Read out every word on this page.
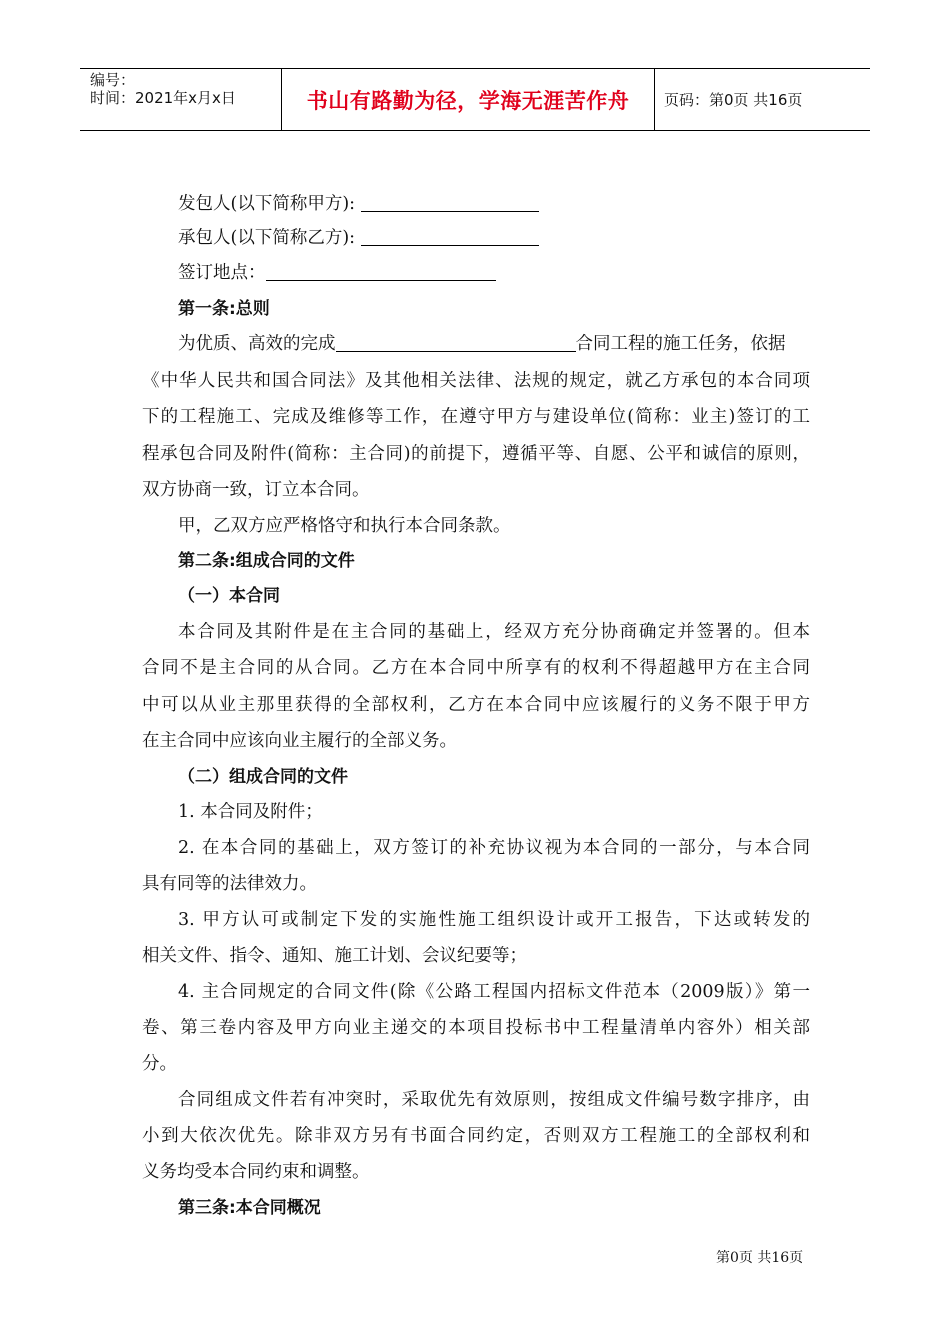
编号：
时间：2021年x月x日	书山有路勤为径，学海无涯苦作舟	页码：第0页 共16页
发包人(以下简称甲方):
承包人(以下简称乙方):
签订地点：
第一条:总则
为优质、高效的完成	合同工程的施工任务，依据
《中华人民共和国合同法》及其他相关法律、法规的规定，就乙方承包的本合同项
下的工程施工、完成及维修等工作，在遵守甲方与建设单位(简称：业主)签订的工
程承包合同及附件(简称：主合同)的前提下，遵循平等、自愿、公平和诚信的原则，
双方协商一致，订立本合同。
甲，乙双方应严格恪守和执行本合同条款。
第二条:组成合同的文件
（一）本合同
本合同及其附件是在主合同的基础上，经双方充分协商确定并签署的。但本
合同不是主合同的从合同。乙方在本合同中所享有的权利不得超越甲方在主合同
中可以从业主那里获得的全部权利，乙方在本合同中应该履行的义务不限于甲方
在主合同中应该向业主履行的全部义务。
（二）组成合同的文件
1. 本合同及附件；
2. 在本合同的基础上，双方签订的补充协议视为本合同的一部分，与本合同
具有同等的法律效力。
3. 甲方认可或制定下发的实施性施工组织设计或开工报告，下达或转发的
相关文件、指令、通知、施工计划、会议纪要等；
4. 主合同规定的合同文件(除《公路工程国内招标文件范本（2009版）》第一
卷、第三卷内容及甲方向业主递交的本项目投标书中工程量清单内容外）相关部
分。
合同组成文件若有冲突时，采取优先有效原则，按组成文件编号数字排序，由
小到大依次优先。除非双方另有书面合同约定，否则双方工程施工的全部权利和
义务均受本合同约束和调整。
第三条:本合同概况
第0页 共16页
